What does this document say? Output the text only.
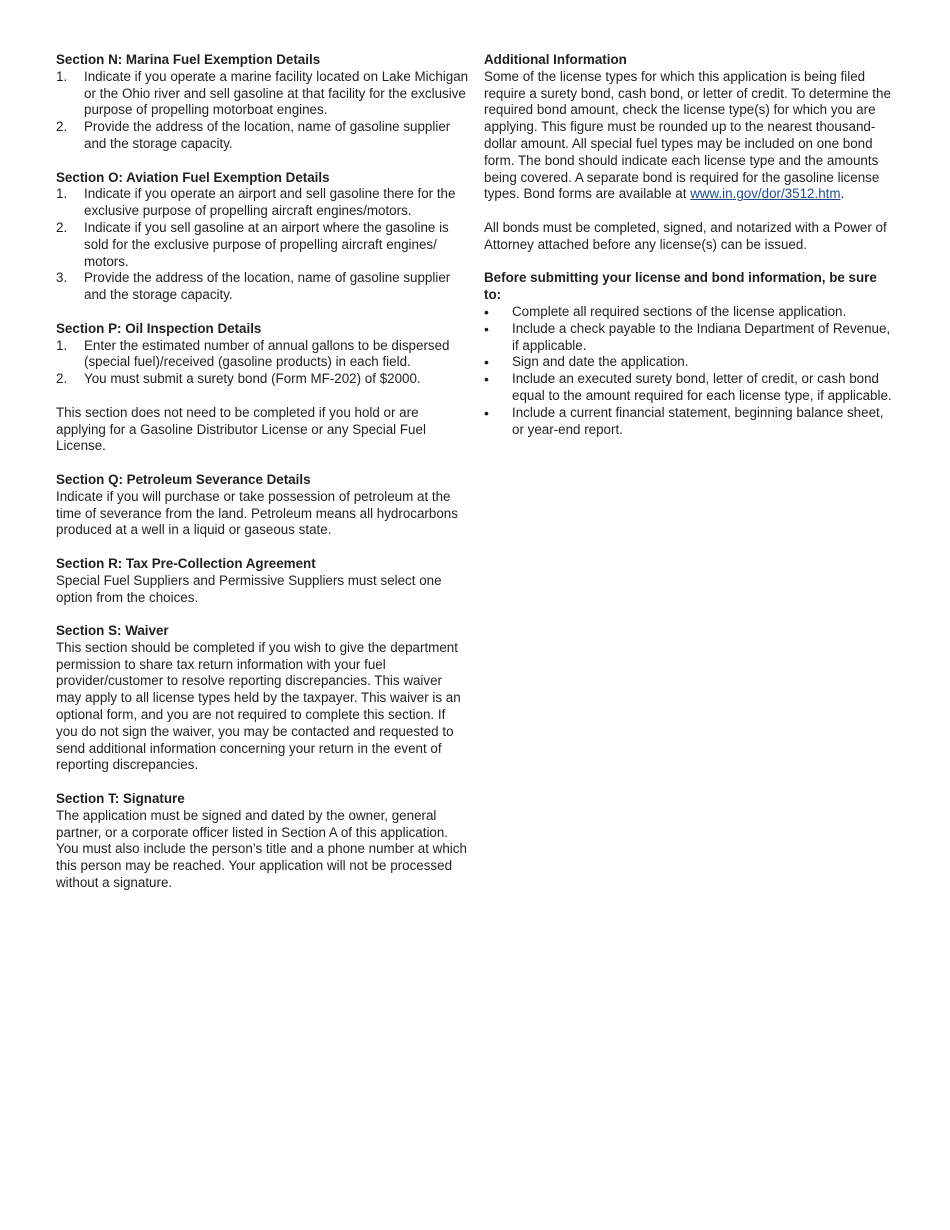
Section N: Marina Fuel Exemption Details

1. Indicate if you operate a marine facility located on Lake Michigan or the Ohio river and sell gasoline at that facility for the exclusive purpose of propelling motorboat engines.
2. Provide the address of the location, name of gasoline supplier and the storage capacity.

Section O: Aviation Fuel Exemption Details

1. Indicate if you operate an airport and sell gasoline there for the exclusive purpose of propelling aircraft engines/motors.
2. Indicate if you sell gasoline at an airport where the gasoline is sold for the exclusive purpose of propelling aircraft engines/ motors.
3. Provide the address of the location, name of gasoline supplier and the storage capacity.

Section P: Oil Inspection Details

1. Enter the estimated number of annual gallons to be dispersed (special fuel)/received (gasoline products) in each field.
2. You must submit a surety bond (Form MF-202) of $2000.

This section does not need to be completed if you hold or are applying for a Gasoline Distributor License or any Special Fuel License.

Section Q: Petroleum Severance Details

Indicate if you will purchase or take possession of petroleum at the time of severance from the land. Petroleum means all hydrocarbons produced at a well in a liquid or gaseous state.

Section R: Tax Pre-Collection Agreement

Special Fuel Suppliers and Permissive Suppliers must select one option from the choices.

Section S: Waiver

This section should be completed if you wish to give the department permission to share tax return information with your fuel provider/customer to resolve reporting discrepancies. This waiver may apply to all license types held by the taxpayer. This waiver is an optional form, and you are not required to complete this section. If you do not sign the waiver, you may be contacted and requested to send additional information concerning your return in the event of reporting discrepancies.

Section T: Signature

The application must be signed and dated by the owner, general partner, or a corporate officer listed in Section A of this application. You must also include the person’s title and a phone number at which this person may be reached. Your application will not be processed without a signature.

Additional Information

Some of the license types for which this application is being filed require a surety bond, cash bond, or letter of credit. To determine the required bond amount, check the license type(s) for which you are applying. This figure must be rounded up to the nearest thousand-dollar amount. All special fuel types may be included on one bond form. The bond should indicate each license type and the amounts being covered. A separate bond is required for the gasoline license types. Bond forms are available at www.in.gov/dor/3512.htm.

All bonds must be completed, signed, and notarized with a Power of Attorney attached before any license(s) can be issued.

Before submitting your license and bond information, be sure to:

• Complete all required sections of the license application.
• Include a check payable to the Indiana Department of Revenue, if applicable.
• Sign and date the application.
• Include an executed surety bond, letter of credit, or cash bond equal to the amount required for each license type, if applicable.
• Include a current financial statement, beginning balance sheet, or year-end report.
